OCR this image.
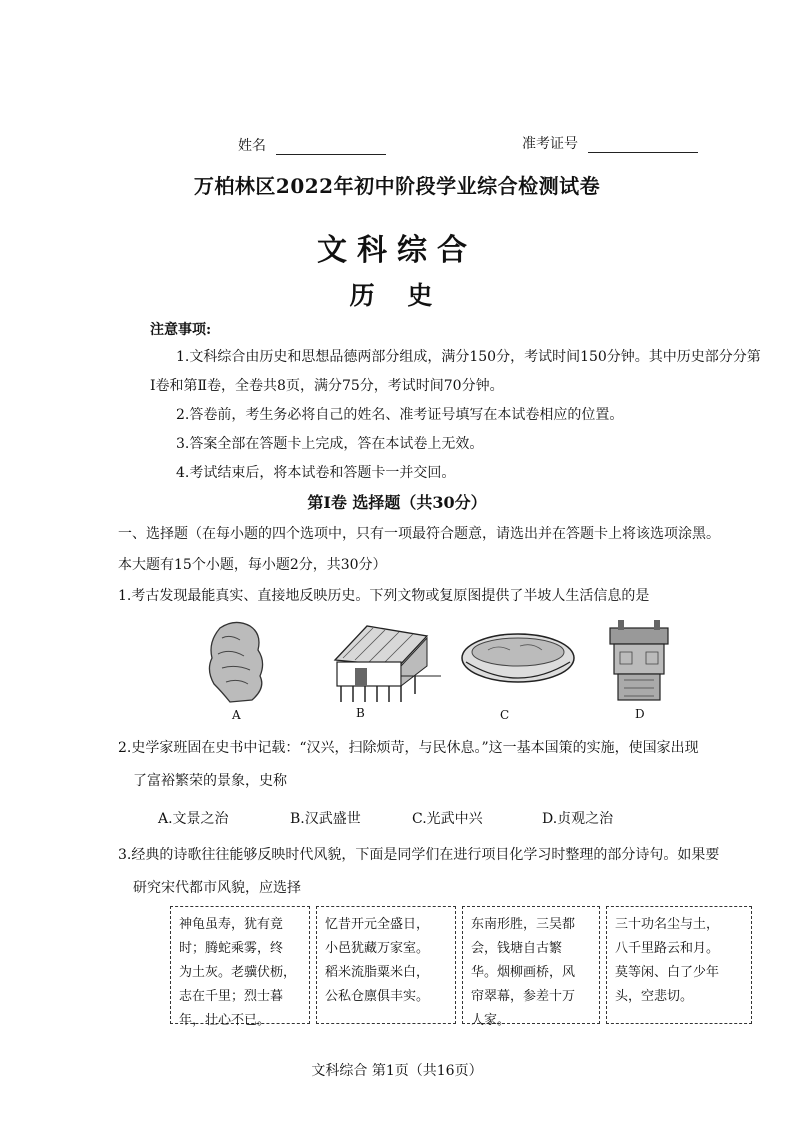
姓名	准考证号
万柏林区2022年初中阶段学业综合检测试卷
文科综合
历 史
注意事项:
1.文科综合由历史和思想品德两部分组成，满分150分，考试时间150分钟。其中历史部分分第
Ⅰ卷和第Ⅱ卷，全卷共8页，满分75分，考试时间70分钟。
2.答卷前，考生务必将自己的姓名、准考证号填写在本试卷相应的位置。
3.答案全部在答题卡上完成，答在本试卷上无效。
4.考试结束后，将本试卷和答题卡一并交回。
第Ⅰ卷 选择题（共30分）
一、选择题（在每小题的四个选项中，只有一项最符合题意，请选出并在答题卡上将该选项涂黑。
本大题有15个小题，每小题2分，共30分）
1.考古发现最能真实、直接地反映历史。下列文物或复原图提供了半坡人生活信息的是
A	B	C	D
2.史学家班固在史书中记载：“汉兴，扫除烦苛，与民休息。”这一基本国策的实施，使国家出现
了富裕繁荣的景象，史称
A.文景之治	B.汉武盛世	C.光武中兴	D.贞观之治
3.经典的诗歌往往能够反映时代风貌，下面是同学们在进行项目化学习时整理的部分诗句。如果要
研究宋代都市风貌，应选择
神龟虽寿，犹有竟
时；腾蛇乘雾，终
为土灰。老骥伏枥，
志在千里；烈士暮
年，壮心不已。
忆昔开元全盛日，
小邑犹藏万家室。
稻米流脂粟米白，
公私仓廪俱丰实。
东南形胜，三吴都
会，钱塘自古繁
华。烟柳画桥，风
帘翠幕，参差十万
人家。
三十功名尘与土，
八千里路云和月。
莫等闲、白了少年
头，空悲切。
文科综合 第1页（共16页）
